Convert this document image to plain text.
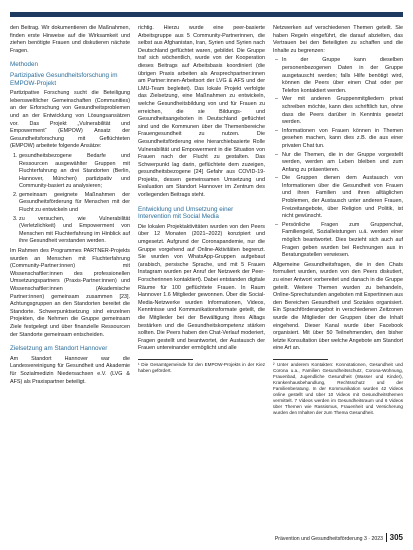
den Beitrag. Wir dokumentieren die Maßnahmen, finden erste Hinweise auf die Wirksamkeit und ziehen benötigte Frauen und diskutieren nächste Fragen.

Methoden
Partizipative Gesundheitsforschung im EMPOW-Projekt

Partizipative Forschung sucht die Beteiligung lebensweltlicher Gemeinschaften (Communities) an der Erforschung von Gesundheitsproblemen und an der Entwicklung von Lösungsansätzen vor. Das Projekt „Vulnerabilität und Empowerment“ (EMPOW) Ansatz der Gesundheitsforschung mit Geflüchteten (EMPOW) arbeitete folgende Ansätze:

1. gesundheitsbezogene Bedarfe und Ressourcen ausgewählter Gruppen mit Fluchterfahrung an drei Standorten (Berlin, Hannover, München) partizipativ und Community-basiert zu analysieren;
2. gemeinsam geeignete Maßnahmen der Gesundheitsförderung für Menschen mit der Flucht zu entwickeln und
3. zu versuchen, wie Vulnerabilität (Verletzlichkeit) und Empowerment von Menschen mit Fluchterfahrung im Hinblick auf ihre Gesundheit verstanden werden.

Im Rahmen des Programmes PARTNER-Projekts wurden an Menschen mit Fluchterfahrung (Community-Partner:innen) mit Wissenschaftler:innen des professionellen Umsetzungspartners (Praxis-Partner:innen) und Wissenschaftler:innen (Akademische Partner:innen) gemeinsam zusammen [23]. Achtungsgruppen an den Standorten bereitet die Standorte. Schwerpunktsetzung sind einzelnen Projekten, die Nehmen die Gruppe gemeinsam Ziele festgelegt und über finanzielle Ressourcen der Standorte gemeinsam entscheiden.

Zielsetzung am Standort Hannover

Am Standort Hannover war die Landesvereinigung für Gesundheit und Akademie für Sozialmedizin Niedersachsen e.V. (LVG & AFS) als Praxispartner beteiligt.

richtig. Hierzu wurde eine peer-basierte Arbeitsgruppe aus 5 Community-Partnerinnen, die selbst aus Afghanistan, Iran, Syrien und Syrien nach Deutschland geflüchtet waren, gebildet. Die Gruppe traf sich wöchentlich, wurde von der Kooperation dieses Beitrags auf Arbeitsbasis koordiniert (die übrigen Praxis arbeiten als Ansprechpartner:innen am Partner:innen-Arbeitsort der LVG & AFS und der LMU-Team begleitet). Das lokale Projekt verfolgte das Zielsetzung, eine Maßnahmen zu entwickeln, welche Gesundheitsbildung von und für Frauen zu erreichen, die sie Bildungs- und Gesundheitsangeboten in Deutschland geflüchtet sind und die Kommunen über die Themenbereiche Frauengesundheit zu nutzen. Die Gesundheitsförderung eine hierarchiebasierte Rolle Vulnerabilität und Empowerment in die Situation von Frauen nach der Flucht zu gestalten. Das Schwerpunkt lag darin, geflüchtete dem zuzeigen, gesundheitsbezogene [24] Gefahr aus COVID-19-Projekts, dessen gemeinsamen Umsetzung und Evaluation am Standort Hannover im Zentrum des vorliegenden Beitrags steht.

Entwicklung und Umsetzung einer Intervention mit Social Media

Die lokalen Projektaktivitäten wurden von den Peers über 12 Monaten (2021–2022) konzipiert und umgesetzt. Aufgrund der Coronapandemie, nur die Gruppe vorgehend auf Online-Aktivitäten begrenzt. Sie wurden von WhatsApp-Gruppen aufgebaut (arabisch, persische Sprache, und mit 5 Frauen Instagram wurden per Anruf der Netzwerk der Peer-Forscherinnen kontaktiert). Dabei entstanden digitale Räume für 100 geflüchtete Frauen. In Raum Hannover 1.6 Mitglieder gewonnen. Über die Social-Media-Netzwerke wurden Informationen, Videos, Kenntnisse und Kommunikationsformate geteilt, die die Mitglieder bei der Bewältigung ihres Alltags bestärken und die Gesundheitskompetenz stärken sollten. Die Peers haben den Chat-Verlauf moderiert, Fragen gestellt und beantwortet, der Austausch der Frauen untereinander ermöglicht und alle

¹ Die Gesamtgemeinde für den EMPOW-Projekts in der Kiez haben gefördert.

Netzwerken auf verschiedenen Themen geteilt. Sie haben Regeln eingeführt, die darauf abzielten, das Vertrauen bei den Beteiligten zu schaffen und die Inhalte zu begrenzen:

– In der Gruppe kann dieselben personenbezogenen Daten in der Gruppe ausgetauscht werden; falls Hilfe benötigt wird, können die Peers über einen Chat oder per Telefon kontaktiert werden.
– Wer mit anderen Gruppenmitgliedern privat schreiben möchte, kann dies schriftlich tun, ohne dass die Peers darüber in Kenntnis gesetzt werden.
– Informationen von Frauen können in Themen gesehen machen, kann dies z.B. die aus einer privaten Chat tun.
– Nur die Themen, die in der Gruppe vorgestellt werden, werden am Leben bleiben und zum Anfang zu präsentieren.
– Die Gruppen dienen dem Austausch von Informationen über die Gesundheit von Frauen und ihren Familien und ihren alltäglichen Problemen, der Austausch unter anderen Frauen, Freizeitangebote, über Religion und Politik, ist nicht gewünscht.
– Persönliche Fragen zum Gruppenchat, Familiengeld, Sozialleistungen u.ä. werden einer möglich beantwortet. Dies bezieht sich auch auf Fragen geben wurden bei Rechnungen aus in Beratungsstellen verwiesen.

Allgemeine Gesundheitsfragen, die in den Chats formuliert wurden, wurden von den Peers diskutiert, zu einer Antwort vorbereitet und danach in die Gruppe geteilt. Weitere Themen wurden zu behandeln, Online-Sprechstunden angeboten mit Expertinnen aus den Bereichen Gesundheit und Soziales organisiert. Ein Sprachförderangebot in verschiedenen Zeitzonen wurde die Mitglieder der Gruppen über die Inhalt eingehend. Dieser Kanal wurde über Facebook organisiert. Mit über 50 Teilnehmenden, den bisher letzte Konsultation über welche Angebote am Standort eine Art an.

² Unter anderem Kontakten: Konnotationen, Gesundheit und Corona u.a., Familien Gesundheitsschutz, Corona-Wohnung, Frauenbad, Jugendliche Gesundheit (Wasser und Kinder), Krankenhausbehandlung, Rechtsschutz und der Familienberatung. In der Kommunikation wurden 42 Videos online gestellt und über 10 Videos mit Gesundheitsthemen vermittelt. 7 Videos werden im Gesundheitsraum und 6 Videos über Themen wie Rassismus, Frauenheit und Versicherung wurden den Inhalten der zum Thema Gesundheit.

Prävention und Gesundheitsförderung 3 · 2023 305
